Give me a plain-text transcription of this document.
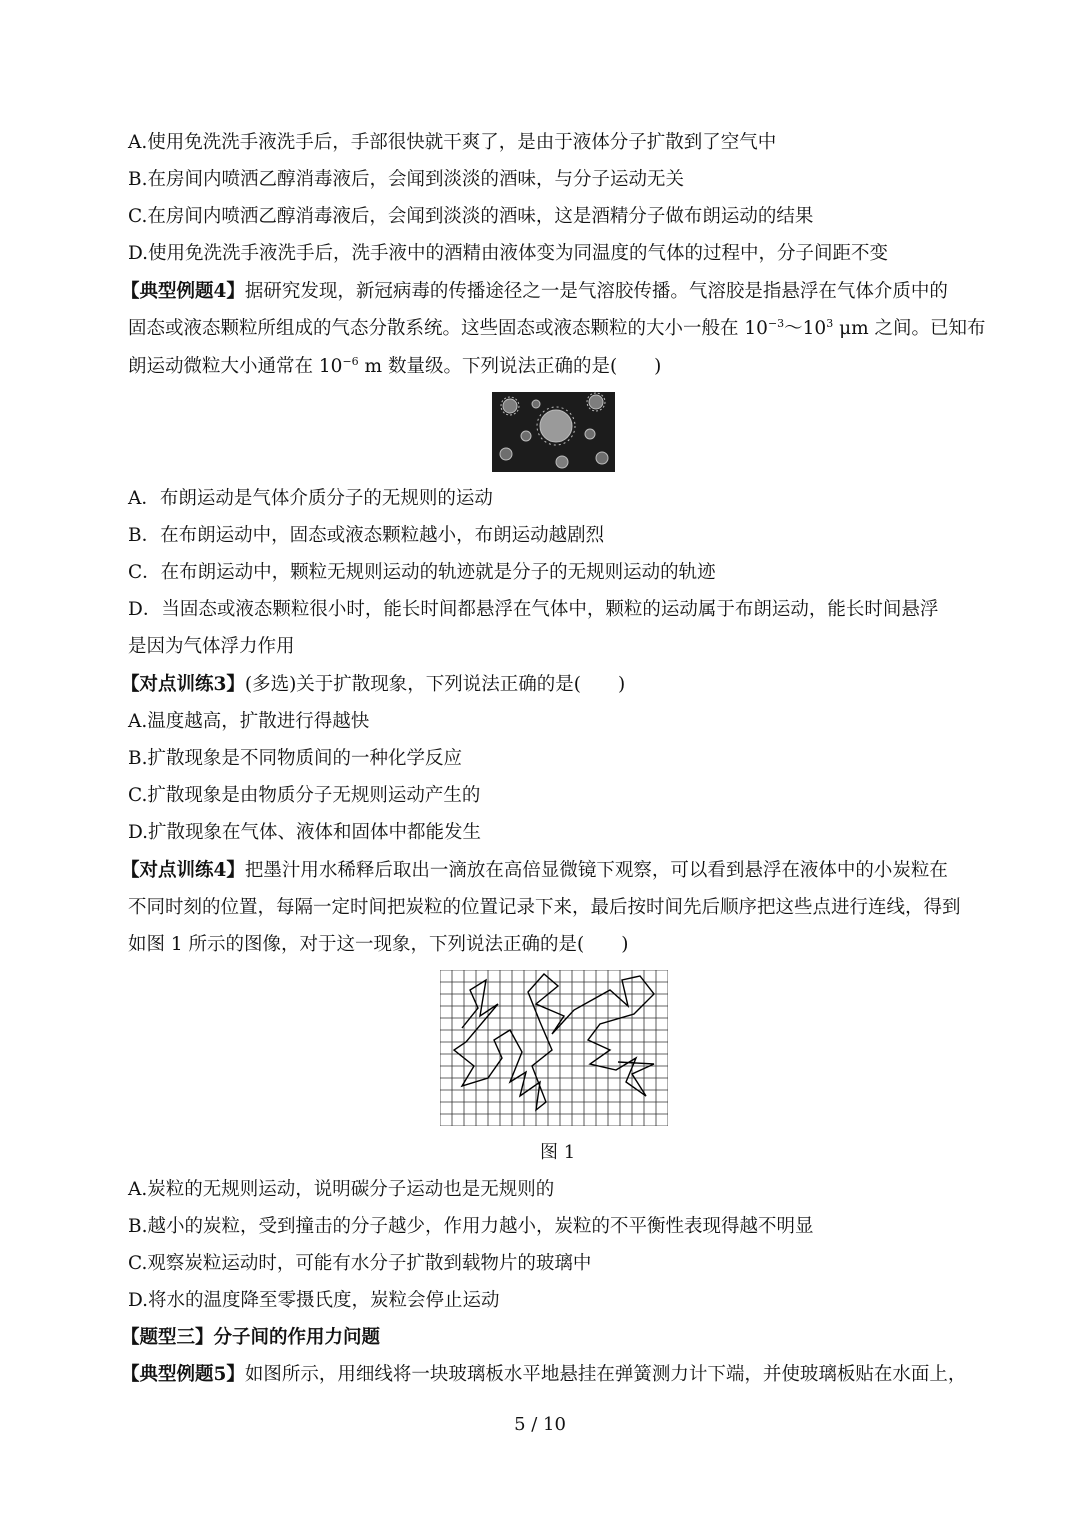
A.使用免洗洗手液洗手后，手部很快就干爽了，是由于液体分子扩散到了空气中
B.在房间内喷洒乙醇消毒液后，会闻到淡淡的酒味，与分子运动无关
C.在房间内喷洒乙醇消毒液后，会闻到淡淡的酒味，这是酒精分子做布朗运动的结果
D.使用免洗洗手液洗手后，洗手液中的酒精由液体变为同温度的气体的过程中，分子间距不变
【典型例题4】据研究发现，新冠病毒的传播途径之一是气溶胶传播。气溶胶是指悬浮在气体介质中的
固态或液态颗粒所组成的气态分散系统。这些固态或液态颗粒的大小一般在 $10^{-3}\sim 10^3$ μm 之间。已知布
朗运动微粒大小通常在 $10^{-6}$ m 数量级。下列说法正确的是(　　)
A．布朗运动是气体介质分子的无规则的运动
B．在布朗运动中，固态或液态颗粒越小，布朗运动越剧烈
C．在布朗运动中，颗粒无规则运动的轨迹就是分子的无规则运动的轨迹
D．当固态或液态颗粒很小时，能长时间都悬浮在气体中，颗粒的运动属于布朗运动，能长时间悬浮
是因为气体浮力作用
【对点训练3】(多选)关于扩散现象，下列说法正确的是(　　)
A.温度越高，扩散进行得越快
B.扩散现象是不同物质间的一种化学反应
C.扩散现象是由物质分子无规则运动产生的
D.扩散现象在气体、液体和固体中都能发生
【对点训练4】把墨汁用水稀释后取出一滴放在高倍显微镜下观察，可以看到悬浮在液体中的小炭粒在
不同时刻的位置，每隔一定时间把炭粒的位置记录下来，最后按时间先后顺序把这些点进行连线，得到
如图 1 所示的图像，对于这一现象，下列说法正确的是(　　)
图 1
A.炭粒的无规则运动，说明碳分子运动也是无规则的
B.越小的炭粒，受到撞击的分子越少，作用力越小，炭粒的不平衡性表现得越不明显
C.观察炭粒运动时，可能有水分子扩散到载物片的玻璃中
D.将水的温度降至零摄氏度，炭粒会停止运动
【题型三】分子间的作用力问题
【典型例题5】如图所示，用细线将一块玻璃板水平地悬挂在弹簧测力计下端，并使玻璃板贴在水面上，
5 / 10
